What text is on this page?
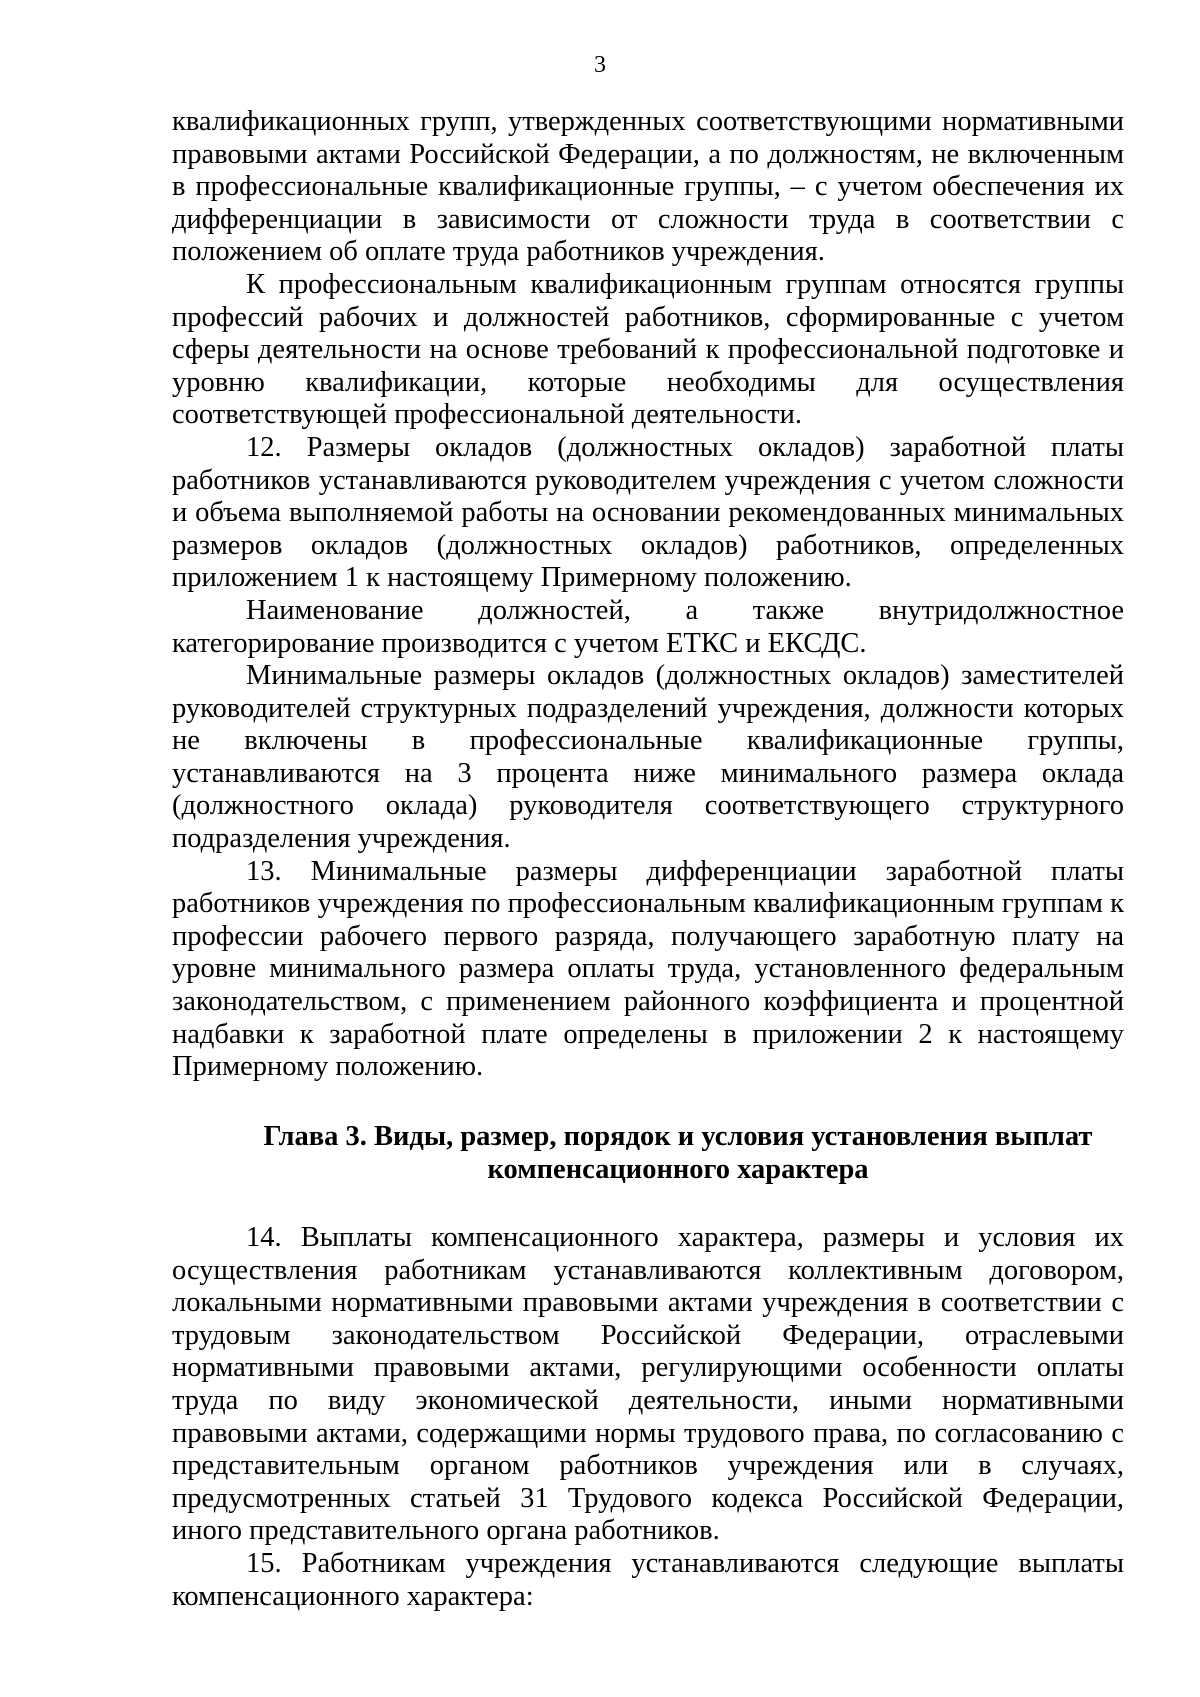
3

квалификационных групп, утвержденных соответствующими нормативными правовыми актами Российской Федерации, а по должностям, не включенным в профессиональные квалификационные группы, – с учетом обеспечения их дифференциации в зависимости от сложности труда в соответствии с положением об оплате труда работников учреждения.

К профессиональным квалификационным группам относятся группы профессий рабочих и должностей работников, сформированные с учетом сферы деятельности на основе требований к профессиональной подготовке и уровню квалификации, которые необходимы для осуществления соответствующей профессиональной деятельности.

12. Размеры окладов (должностных окладов) заработной платы работников устанавливаются руководителем учреждения с учетом сложности и объема выполняемой работы на основании рекомендованных минимальных размеров окладов (должностных окладов) работников, определенных приложением 1 к настоящему Примерному положению.

Наименование должностей, а также внутридолжностное категорирование производится с учетом ЕТКС и ЕКСДС.

Минимальные размеры окладов (должностных окладов) заместителей руководителей структурных подразделений учреждения, должности которых не включены в профессиональные квалификационные группы, устанавливаются на 3 процента ниже минимального размера оклада (должностного оклада) руководителя соответствующего структурного подразделения учреждения.

13. Минимальные размеры дифференциации заработной платы работников учреждения по профессиональным квалификационным группам к профессии рабочего первого разряда, получающего заработную плату на уровне минимального размера оплаты труда, установленного федеральным законодательством, с применением районного коэффициента и процентной надбавки к заработной плате определены в приложении 2 к настоящему Примерному положению.

Глава 3. Виды, размер, порядок и условия установления выплат
компенсационного характера

14. Выплаты компенсационного характера, размеры и условия их осуществления работникам устанавливаются коллективным договором, локальными нормативными правовыми актами учреждения в соответствии с трудовым законодательством Российской Федерации, отраслевыми нормативными правовыми актами, регулирующими особенности оплаты труда по виду экономической деятельности, иными нормативными правовыми актами, содержащими нормы трудового права, по согласованию с представительным органом работников учреждения или в случаях, предусмотренных статьей 31 Трудового кодекса Российской Федерации, иного представительного органа работников.

15. Работникам учреждения устанавливаются следующие выплаты компенсационного характера:
